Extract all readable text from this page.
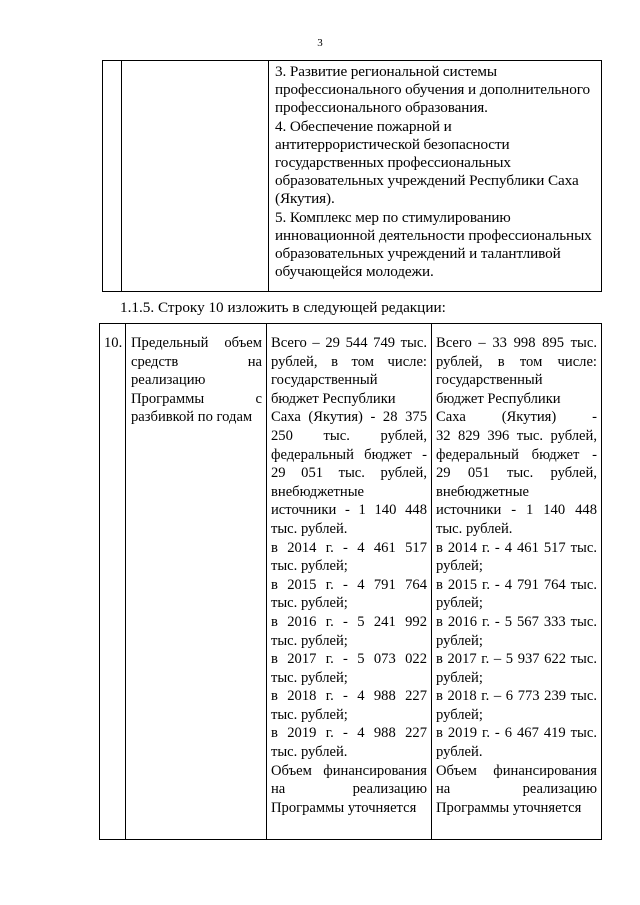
3

3. Развитие региональной системы
профессионального обучения и дополнительного
профессионального образования.

4. Обеспечение пожарной и
антитеррористической безопасности
государственных профессиональных
образовательных учреждений Республики Саха
(Якутия).

5. Комплекс мер по стимулированию
инновационной деятельности профессиональных
образовательных учреждений и талантливой
обучающейся молодежи.

1.1.5. Строку 10 изложить в следующей редакции:
10. Предельный объем
средств на
реализацию
Программы с
разбивкой по годам
Всего – 29 544 749 тыс.
рублей, в том числе:
государственный
бюджет Республики
Саха (Якутия) - 28 375
250 тыс. рублей,
федеральный бюджет -
29 051 тыс. рублей,
внебюджетные
источники - 1 140 448
тыс. рублей.
в 2014 г. - 4 461 517
тыс. рублей;
в 2015 г. - 4 791 764
тыс. рублей;
в 2016 г. - 5 241 992
тыс. рублей;
в 2017 г. - 5 073 022
тыс. рублей;
в 2018 г. - 4 988 227
тыс. рублей;
в 2019 г. - 4 988 227
тыс. рублей.
Объем финансирования
на реализацию
Программы уточняется
Всего – 33 998 895 тыс.
рублей, в том числе:
государственный
бюджет Республики
Саха (Якутия) -
32 829 396 тыс. рублей,
федеральный бюджет -
29 051 тыс. рублей,
внебюджетные
источники - 1 140 448
тыс. рублей.
в 2014 г. - 4 461 517 тыс.
рублей;
в 2015 г. - 4 791 764 тыс.
рублей;
в 2016 г. - 5 567 333 тыс.
рублей;
в 2017 г. – 5 937 622 тыс.
рублей;
в 2018 г. – 6 773 239 тыс.
рублей;
в 2019 г. - 6 467 419 тыс.
рублей.
Объем финансирования
на реализацию
Программы уточняется
